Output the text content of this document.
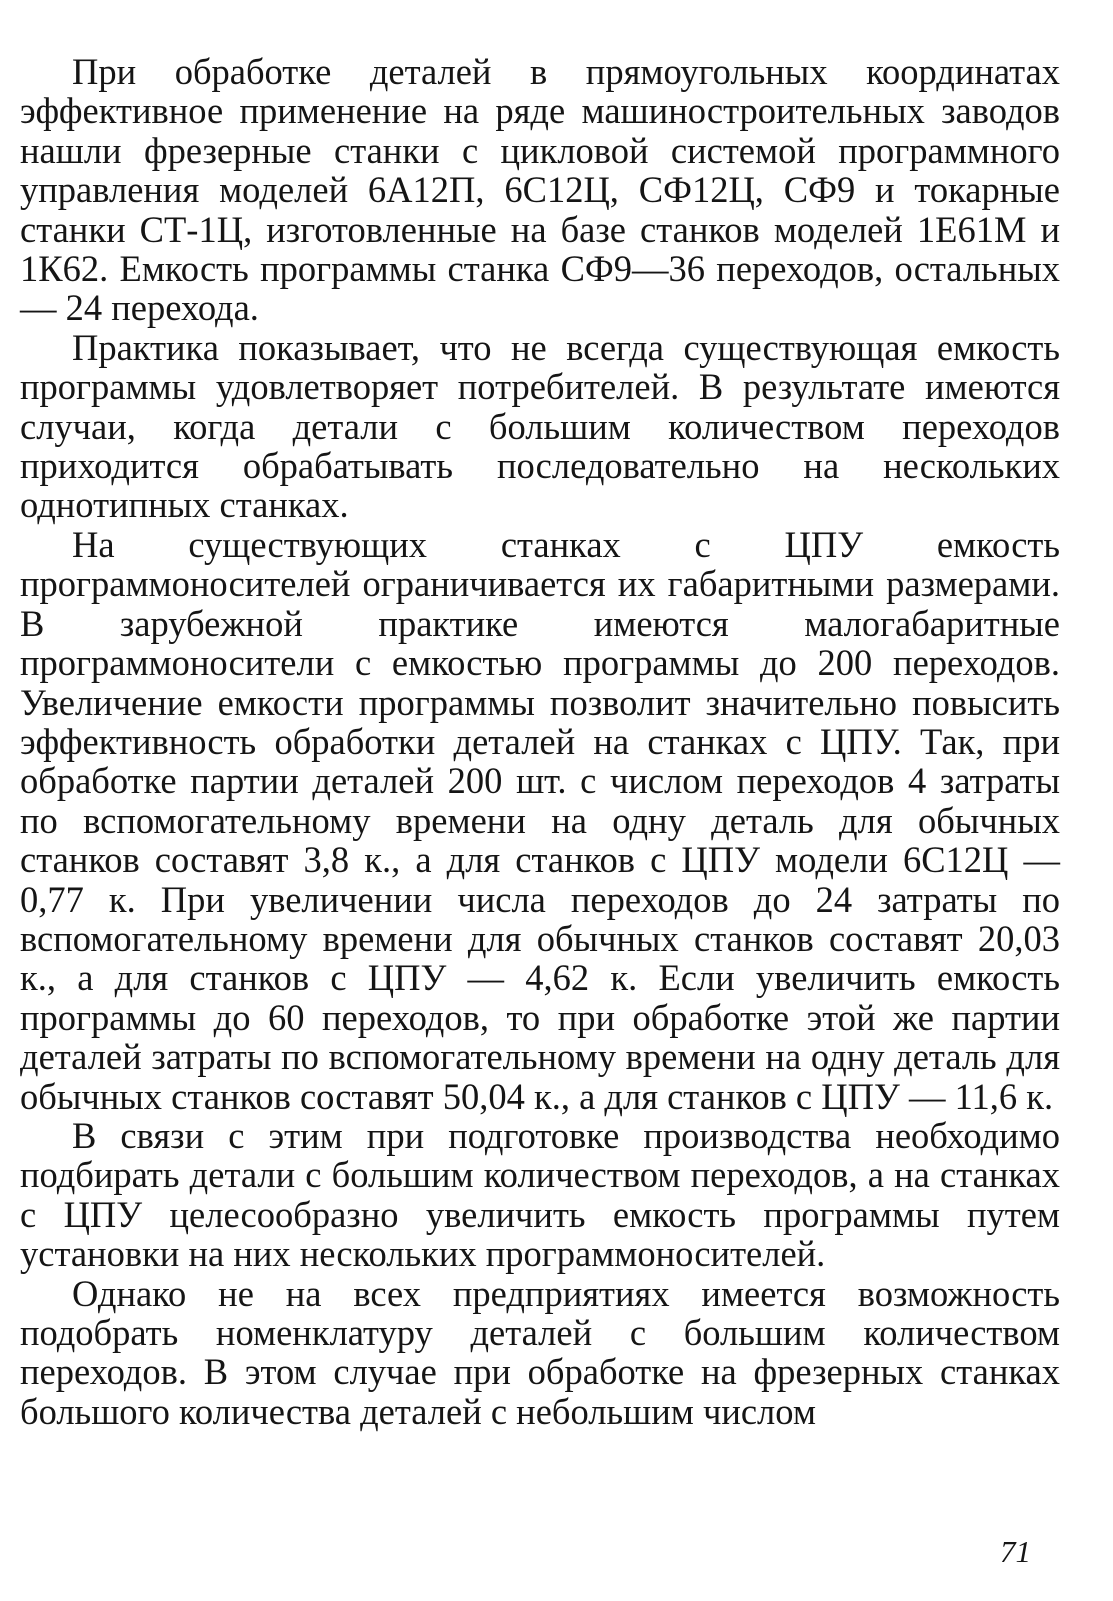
При обработке деталей в прямоугольных координатах эффективное применение на ряде машиностроительных заводов нашли фрезерные станки с цикловой системой программного управления моделей 6А12П, 6С12Ц, СФ12Ц, СФ9 и токарные станки СТ-1Ц, изготовленные на базе станков моделей 1Е61М и 1К62. Емкость программы станка СФ9—36 переходов, остальных — 24 перехода.

Практика показывает, что не всегда существующая емкость программы удовлетворяет потребителей. В результате имеются случаи, когда детали с большим количеством переходов приходится обрабатывать последовательно на нескольких однотипных станках.

На существующих станках с ЦПУ емкость программоносителей ограничивается их габаритными размерами. В зарубежной практике имеются малогабаритные программоносители с емкостью программы до 200 переходов. Увеличение емкости программы позволит значительно повысить эффективность обработки деталей на станках с ЦПУ. Так, при обработке партии деталей 200 шт. с числом переходов 4 затраты по вспомогательному времени на одну деталь для обычных станков составят 3,8 к., а для станков с ЦПУ модели 6С12Ц — 0,77 к. При увеличении числа переходов до 24 затраты по вспомогательному времени для обычных станков составят 20,03 к., а для станков с ЦПУ — 4,62 к. Если увеличить емкость программы до 60 переходов, то при обработке этой же партии деталей затраты по вспомогательному времени на одну деталь для обычных станков составят 50,04 к., а для станков с ЦПУ — 11,6 к.

В связи с этим при подготовке производства необходимо подбирать детали с большим количеством переходов, а на станках с ЦПУ целесообразно увеличить емкость программы путем установки на них нескольких программоносителей.

Однако не на всех предприятиях имеется возможность подобрать номенклатуру деталей с большим количеством переходов. В этом случае при обработке на фрезерных станках большого количества деталей с небольшим числом

71
